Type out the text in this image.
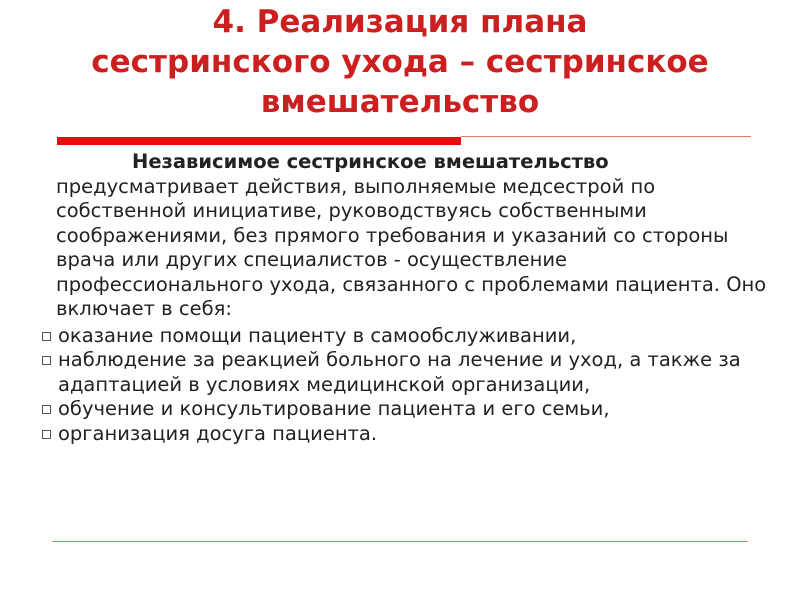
4. Реализация плана
сестринского ухода – сестринское
вмешательство
Независимое сестринское вмешательство предусматривает действия, выполняемые медсестрой по собственной инициативе, руководствуясь собственными соображениями, без прямого требования и указаний со стороны врача или других специалистов - осуществление профессионального ухода, связанного с проблемами пациента. Оно включает в себя:
оказание помощи пациенту в самообслуживании,
наблюдение за реакцией больного на лечение и уход, а также за адаптацией в условиях медицинской организации,
обучение и консультирование пациента и его семьи,
организация досуга пациента.
